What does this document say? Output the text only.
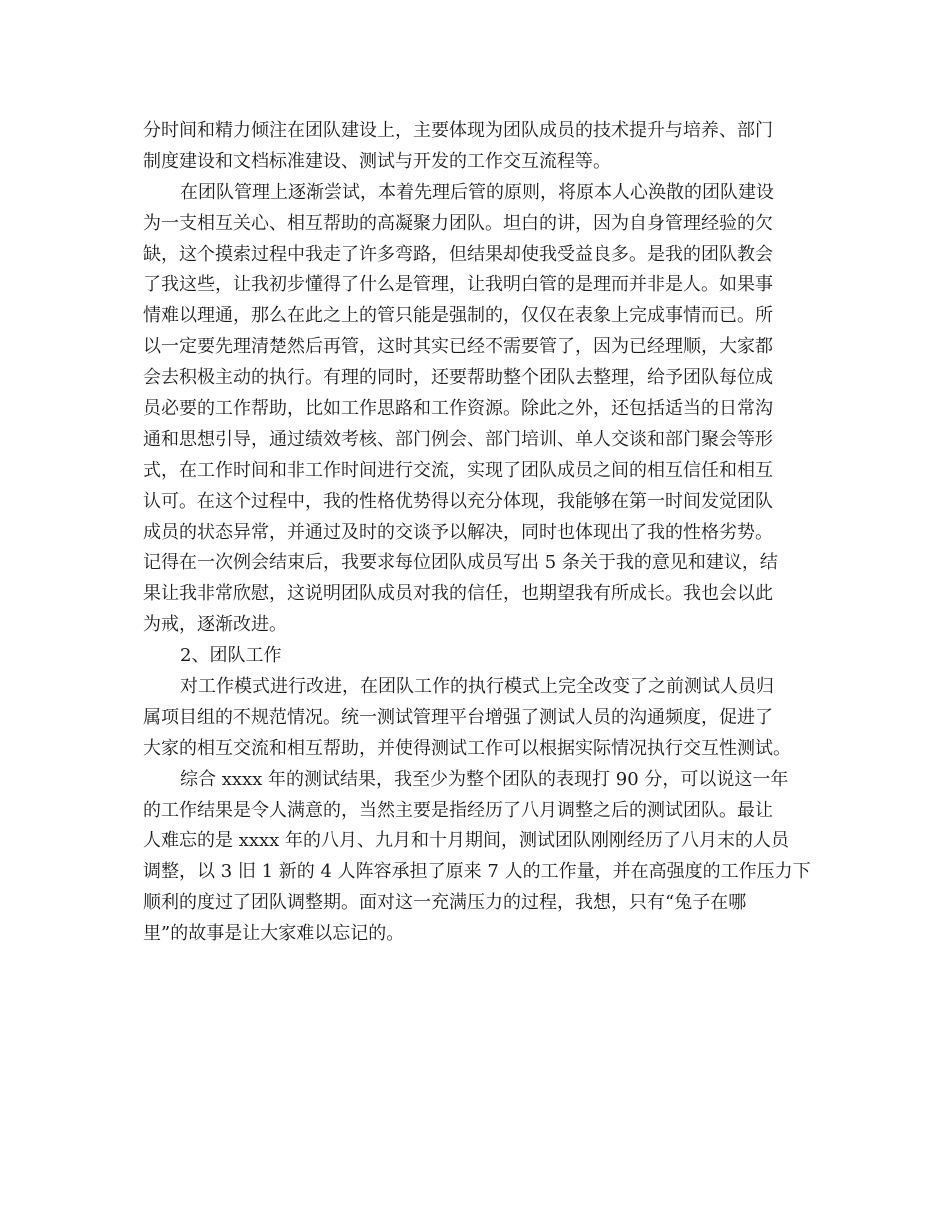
分时间和精力倾注在团队建设上，主要体现为团队成员的技术提升与培养、部门
制度建设和文档标准建设、测试与开发的工作交互流程等。
在团队管理上逐渐尝试，本着先理后管的原则，将原本人心涣散的团队建设
为一支相互关心、相互帮助的高凝聚力团队。坦白的讲，因为自身管理经验的欠
缺，这个摸索过程中我走了许多弯路，但结果却使我受益良多。是我的团队教会
了我这些，让我初步懂得了什么是管理，让我明白管的是理而并非是人。如果事
情难以理通，那么在此之上的管只能是强制的，仅仅在表象上完成事情而已。所
以一定要先理清楚然后再管，这时其实已经不需要管了，因为已经理顺，大家都
会去积极主动的执行。有理的同时，还要帮助整个团队去整理，给予团队每位成
员必要的工作帮助，比如工作思路和工作资源。除此之外，还包括适当的日常沟
通和思想引导，通过绩效考核、部门例会、部门培训、单人交谈和部门聚会等形
式，在工作时间和非工作时间进行交流，实现了团队成员之间的相互信任和相互
认可。在这个过程中，我的性格优势得以充分体现，我能够在第一时间发觉团队
成员的状态异常，并通过及时的交谈予以解决，同时也体现出了我的性格劣势。
记得在一次例会结束后，我要求每位团队成员写出 5 条关于我的意见和建议，结
果让我非常欣慰，这说明团队成员对我的信任，也期望我有所成长。我也会以此
为戒，逐渐改进。
2、团队工作
对工作模式进行改进，在团队工作的执行模式上完全改变了之前测试人员归
属项目组的不规范情况。统一测试管理平台增强了测试人员的沟通频度，促进了
大家的相互交流和相互帮助，并使得测试工作可以根据实际情况执行交互性测试。
综合 xxxx 年的测试结果，我至少为整个团队的表现打 90 分，可以说这一年
的工作结果是令人满意的，当然主要是指经历了八月调整之后的测试团队。最让
人难忘的是 xxxx 年的八月、九月和十月期间，测试团队刚刚经历了八月末的人员
调整，以 3 旧 1 新的 4 人阵容承担了原来 7 人的工作量，并在高强度的工作压力下
顺利的度过了团队调整期。面对这一充满压力的过程，我想，只有“兔子在哪
里”的故事是让大家难以忘记的。
